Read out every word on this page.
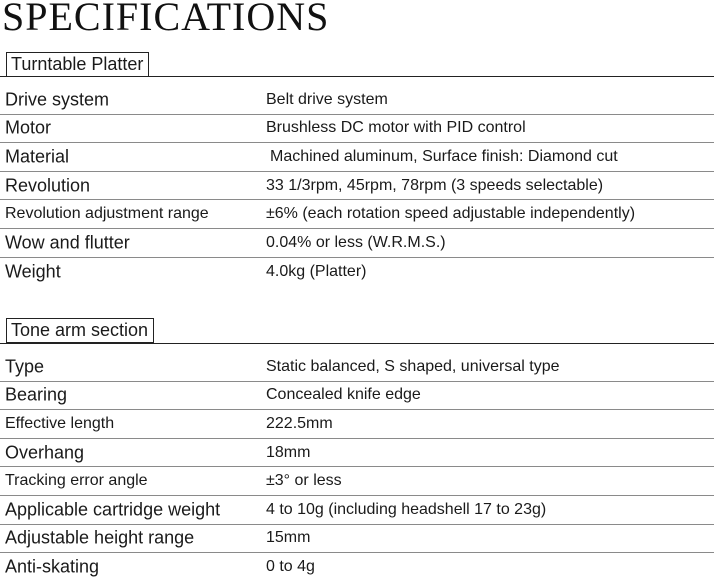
SPECIFICATIONS
Turntable Platter
Drive system	Belt drive system
Motor	Brushless DC motor with PID control
Material	Machined aluminum, Surface finish: Diamond cut
Revolution	33 1/3rpm, 45rpm, 78rpm (3 speeds selectable)
Revolution adjustment range	±6% (each rotation speed adjustable independently)
Wow and flutter	0.04% or less (W.R.M.S.)
Weight	4.0kg (Platter)
Tone arm section
Type	Static balanced, S shaped, universal type
Bearing	Concealed knife edge
Effective length	222.5mm
Overhang	18mm
Tracking error angle	±3° or less
Applicable cartridge weight	4 to 10g (including headshell 17 to 23g)
Adjustable height range	15mm
Anti-skating	0 to 4g
